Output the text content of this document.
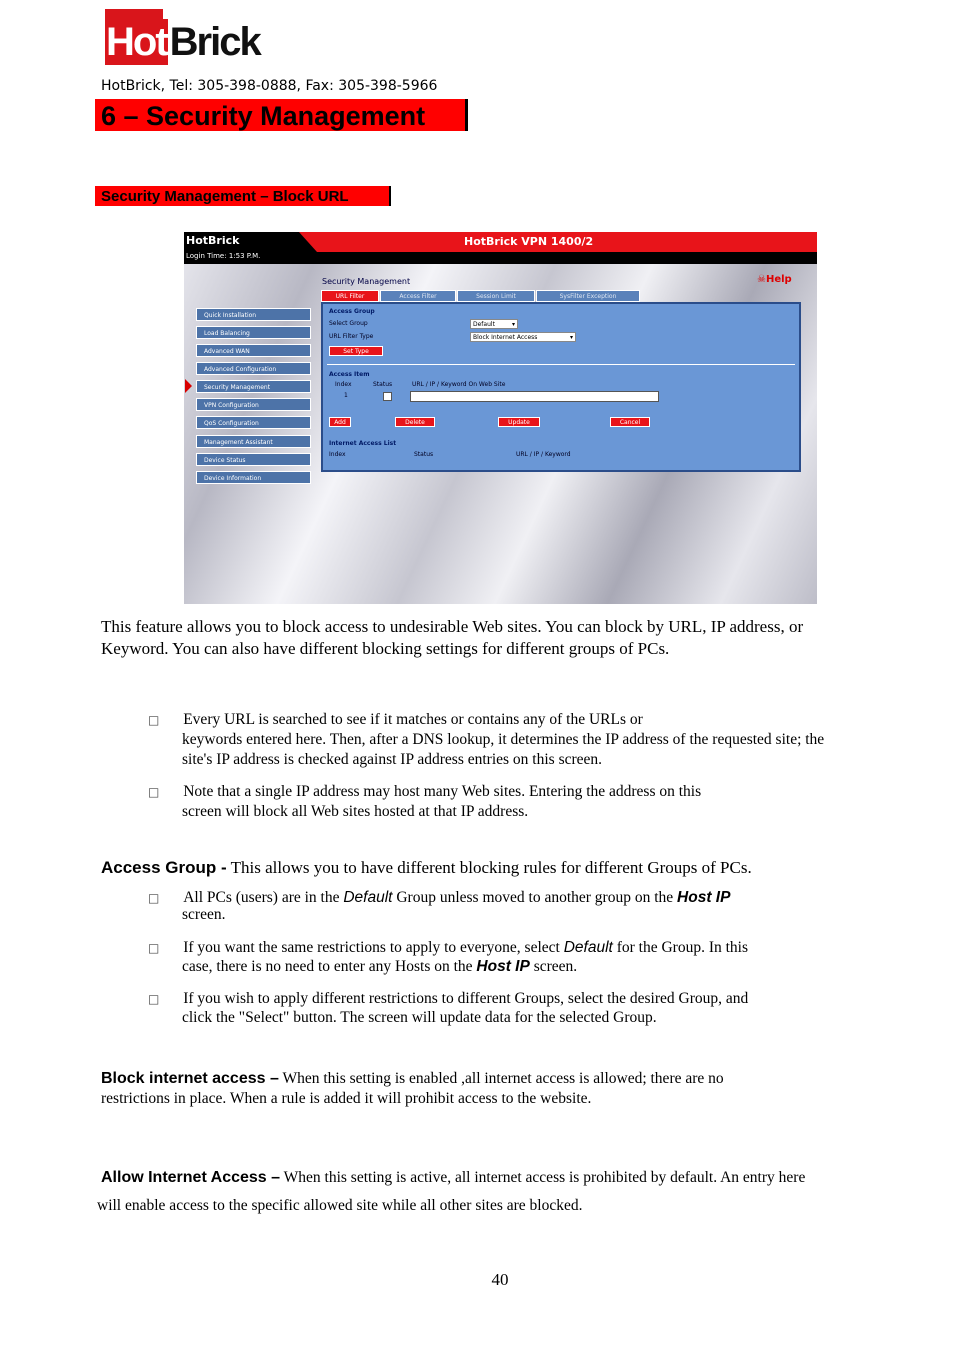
Hot Brick
HotBrick, Tel: 305-398-0888, Fax: 305-398-5966
6 – Security Management
Security Management – Block URL
HotBrick
Login Time: 1:53 P.M.
HotBrick VPN 1400/2
Quick Installation
Load Balancing
Advanced WAN
Advanced Configuration
Security Management
VPN Configuration
QoS Configuration
Management Assistant
Device Status
Device Information
Security Management	☠Help
URL Filter	Access Filter	Session Limit	SysFilter Exception
Access Group
Select Group	Default	▾
URL Filter Type	Block Internet Access	▾
Set Type
Access Item
Index	Status	URL / IP / Keyword On Web Site
1
Add	Delete	Update	Cancel
Internet Access List
Index	Status	URL / IP / Keyword
This feature allows you to block access to undesirable Web sites. You can block by URL, IP address, or Keyword. You can also have different blocking settings for different groups of PCs.
□ Every URL is searched to see if it matches or contains any of the URLs or
keywords entered here. Then, after a DNS lookup, it determines the IP address of the requested site; the site's IP address is checked against IP address entries on this screen.
□ Note that a single IP address may host many Web sites. Entering the address on this
screen will block all Web sites hosted at that IP address.
Access Group - This allows you to have different blocking rules for different Groups of PCs.
□ All PCs (users) are in the Default Group unless moved to another group on the Host IP
screen.
□ If you want the same restrictions to apply to everyone, select Default for the Group. In this
case, there is no need to enter any Hosts on the Host IP screen.
□ If you wish to apply different restrictions to different Groups, select the desired Group, and
click the "Select" button. The screen will update data for the selected Group.
Block internet access – When this setting is enabled ,all internet access is allowed; there are no
restrictions in place. When a rule is added it will prohibit access to the website.
Allow Internet Access – When this setting is active, all internet access is prohibited by default. An entry here
will enable access to the specific allowed site while all other sites are blocked.
40
